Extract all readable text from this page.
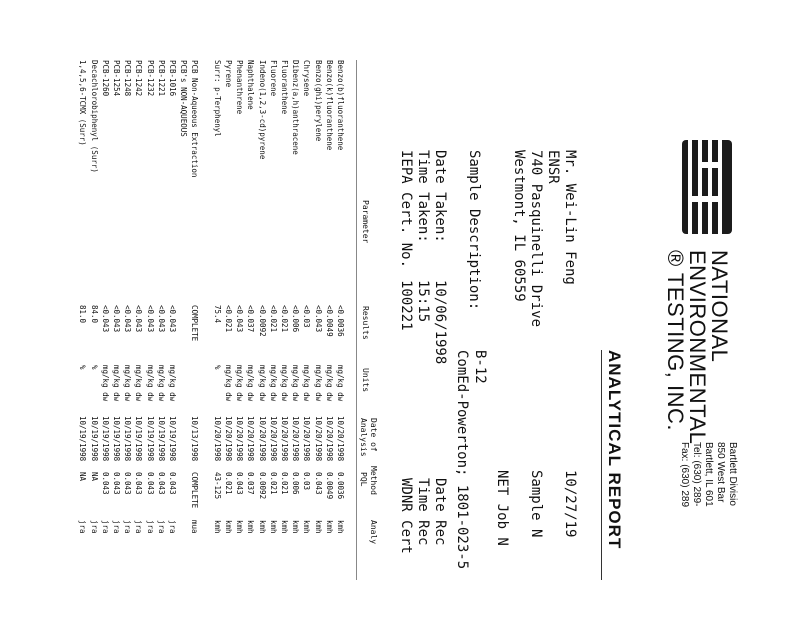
NATIONAL
ENVIRONMENTAL
® TESTING, INC.
Bartlett Divisio
850 West Bar
Bartlett, IL 601
Tel: (630) 289-
Fax: (630) 289
ANALYTICAL REPORT
Mr. Wei-Lin Feng
ENSR
740 Pasquinelli Drive
Westmont, IL 60559
10/27/19
Sample N
NET Job N
Sample Description:
B-12
ComEd-Powerton; 1801-023-5
Date Taken:
10/06/1998
Time Taken:
15:15
IEPA Cert. No.
100221
Date Rec
Time Rec
WDNR Cert
Parameter
Results
Units
Date of
Analysis
Method
PQL
Analy
Benzo(b)fluoranthene
<0.0036
mg/kg dw
10/20/1998
0.0036
kmh
Benzo(k)fluoranthene
<0.0049
mg/kg dw
10/20/1998
0.0049
kmh
Benzo(ghi)perylene
<0.043
mg/kg dw
10/20/1998
0.043
kmh
Chrysene
<0.03
mg/kg dw
10/20/1998
0.03
kmh
Dibenz(a,h)anthracene
<0.006
mg/kg dw
10/20/1998
0.006
kmh
Fluoranthene
<0.021
mg/kg dw
10/20/1998
0.021
kmh
Fluorene
<0.021
mg/kg dw
10/20/1998
0.021
kmh
Indeno(1,2,3-cd)pyrene
<0.0092
mg/kg dw
10/20/1998
0.0092
kmh
Naphthalene
<0.037
mg/kg dw
10/20/1998
0.037
kmh
Phenanthrene
<0.043
mg/kg dw
10/20/1998
0.043
kmh
Pyrene
<0.021
mg/kg dw
10/20/1998
0.021
kmh
Surr: p-Terphenyl
75.4
%
10/20/1998
43-125
kmh
PCB Non-Aqueous Extraction
COMPLETE
10/13/1998
COMPLETE
mua
PCB's NON-AQUEOUS
PCB-1016
<0.043
mg/kg dw
10/19/1998
0.043
jra
PCB-1221
<0.043
mg/kg dw
10/19/1998
0.043
jra
PCB-1232
<0.043
mg/kg dw
10/19/1998
0.043
jra
PCB-1242
<0.043
mg/kg dw
10/19/1998
0.043
jra
PCB-1248
<0.043
mg/kg dw
10/19/1998
0.043
jra
PCB-1254
<0.043
mg/kg dw
10/19/1998
0.043
jra
PCB-1260
<0.043
mg/kg dw
10/19/1998
0.043
jra
Decachlorobiphenyl (Surr)
84.0
%
10/19/1998
NA
jra
1,4,5,6-TCMX (Surr)
81.0
%
10/19/1998
NA
jra
